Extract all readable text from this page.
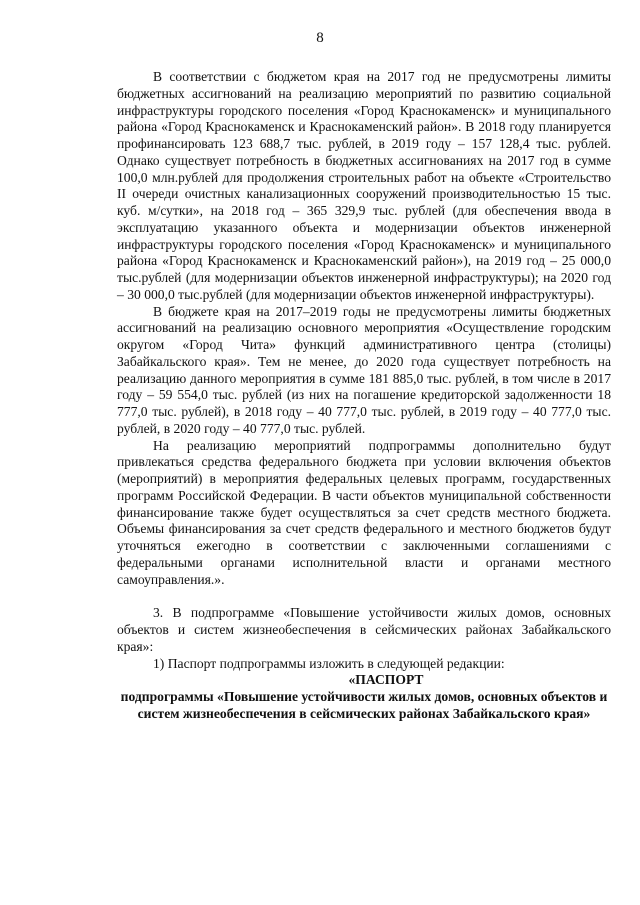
8

В соответствии с бюджетом края на 2017 год не предусмотрены лимиты бюджетных ассигнований на реализацию мероприятий по развитию социальной инфраструктуры городского поселения «Город Краснокаменск» и муниципального района «Город Краснокаменск и Краснокаменский район». В 2018 году планируется профинансировать 123 688,7 тыс. рублей, в 2019 году – 157 128,4 тыс. рублей. Однако существует потребность в бюджетных ассигнованиях на 2017 год в сумме 100,0 млн.рублей для продолжения строительных работ на объекте «Строительство II очереди очистных канализационных сооружений производительностью 15 тыс. куб. м/сутки», на 2018 год – 365 329,9 тыс. рублей (для обеспечения ввода в эксплуатацию указанного объекта и модернизации объектов инженерной инфраструктуры городского поселения «Город Краснокаменск» и муниципального района «Город Краснокаменск и Краснокаменский район»), на 2019 год – 25 000,0 тыс.рублей (для модернизации объектов инженерной инфраструктуры); на 2020 год – 30 000,0 тыс.рублей (для модернизации объектов инженерной инфраструктуры).

В бюджете края на 2017–2019 годы не предусмотрены лимиты бюджетных ассигнований на реализацию основного мероприятия «Осуществление городским округом «Город Чита» функций административного центра (столицы) Забайкальского края». Тем не менее, до 2020 года существует потребность на реализацию данного мероприятия в сумме 181 885,0 тыс. рублей, в том числе в 2017 году – 59 554,0 тыс. рублей (из них на погашение кредиторской задолженности 18 777,0 тыс. рублей), в 2018 году – 40 777,0 тыс. рублей, в 2019 году – 40 777,0 тыс. рублей, в 2020 году – 40 777,0 тыс. рублей.

На реализацию мероприятий подпрограммы дополнительно будут привлекаться средства федерального бюджета при условии включения объектов (мероприятий) в мероприятия федеральных целевых программ, государственных программ Российской Федерации. В части объектов муниципальной собственности финансирование также будет осуществляться за счет средств местного бюджета. Объемы финансирования за счет средств федерального и местного бюджетов будут уточняться ежегодно в соответствии с заключенными соглашениями с федеральными органами исполнительной власти и органами местного самоуправления.».

3. В подпрограмме «Повышение устойчивости жилых домов, основных объектов и систем жизнеобеспечения в сейсмических районах Забайкальского края»:

1) Паспорт подпрограммы изложить в следующей редакции:

«ПАСПОРТ
подпрограммы «Повышение устойчивости жилых домов, основных объектов и систем жизнеобеспечения в сейсмических районах Забайкальского края»
